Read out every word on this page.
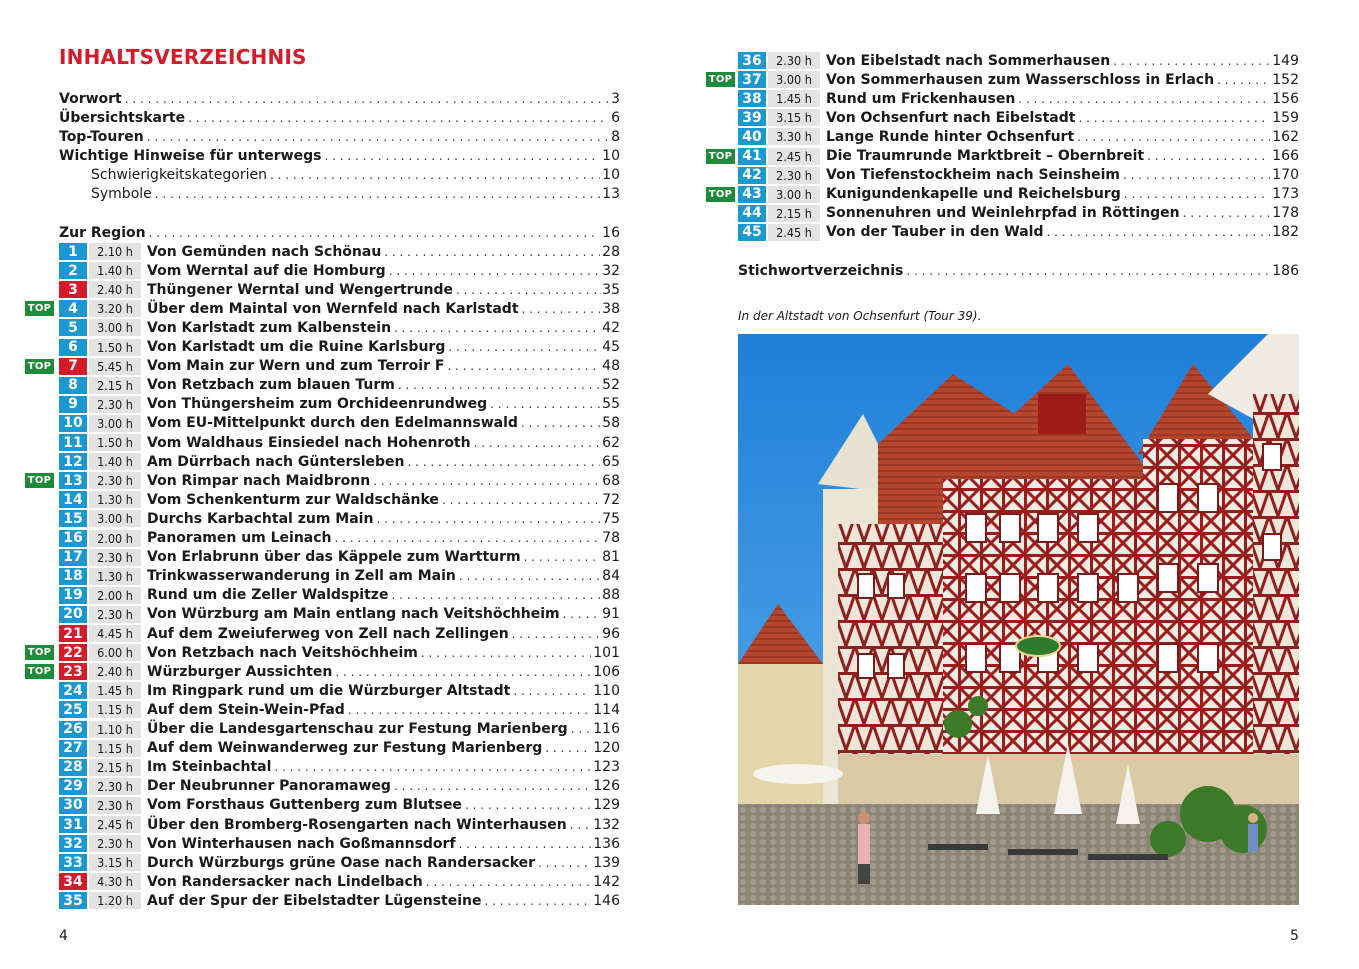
INHALTSVERZEICHNIS
Vorwort . . .	3
Übersichtskarte . . .	6
Top-Touren . . .	8
Wichtige Hinweise für unterwegs . . .	10
Schwierigkeitskategorien . . .	10
Symbole . . .	13
Zur Region . . .	16
1	2.10 h	Von Gemünden nach Schönau . . .	28
2	1.40 h	Vom Werntal auf die Homburg . . .	32
3	2.40 h	Thüngener Werntal und Wengertrunde . . .	35
4	3.20 h	Über dem Maintal von Wernfeld nach Karlstadt . . .	38
TOP
5	3.00 h	Von Karlstadt zum Kalbenstein . . .	42
6	1.50 h	Von Karlstadt um die Ruine Karlsburg . . .	45
7	5.45 h	Vom Main zur Wern und zum Terroir F . . .	48
TOP
8	2.15 h	Von Retzbach zum blauen Turm . . .	52
9	2.30 h	Von Thüngersheim zum Orchideenrundweg . . .	55
10	3.00 h	Vom EU-Mittelpunkt durch den Edelmannswald . . .	58
11	1.50 h	Vom Waldhaus Einsiedel nach Hohenroth . . .	62
12	1.40 h	Am Dürrbach nach Güntersleben . . .	65
13	2.30 h	Von Rimpar nach Maidbronn . . .	68
TOP
14	1.30 h	Vom Schenkenturm zur Waldschänke . . .	72
15	3.00 h	Durchs Karbachtal zum Main . . .	75
16	2.00 h	Panoramen um Leinach . . .	78
17	2.30 h	Von Erlabrunn über das Käppele zum Wartturm . . .	81
18	1.30 h	Trinkwasserwanderung in Zell am Main . . .	84
19	2.00 h	Rund um die Zeller Waldspitze . . .	88
20	2.30 h	Von Würzburg am Main entlang nach Veitshöchheim . . .	91
21	4.45 h	Auf dem Zweiuferweg von Zell nach Zellingen . . .	96
22	6.00 h	Von Retzbach nach Veitshöchheim . . .	101
TOP
23	2.40 h	Würzburger Aussichten . . .	106
TOP
24	1.45 h	Im Ringpark rund um die Würzburger Altstadt . . .	110
25	1.15 h	Auf dem Stein-Wein-Pfad . . .	114
26	1.10 h	Über die Landesgartenschau zur Festung Marienberg . . . 116
27	1.15 h	Auf dem Weinwanderweg zur Festung Marienberg . . .	120
28	2.15 h	Im Steinbachtal . . .	123
29	2.30 h	Der Neubrunner Panoramaweg . . .	126
30	2.30 h	Vom Forsthaus Guttenberg zum Blutsee . . .	129
31	2.45 h	Über den Bromberg-Rosengarten nach Winterhausen . . . 132
32	2.30 h	Von Winterhausen nach Goßmannsdorf . . .	136
33	3.15 h	Durch Würzburgs grüne Oase nach Randersacker . . .	139
34	4.30 h	Von Randersacker nach Lindelbach . . .	142
35	1.20 h	Auf der Spur der Eibelstadter Lügensteine . . .	146
36	2.30 h	Von Eibelstadt nach Sommerhausen . . .	149
37	3.00 h	Von Sommerhausen zum Wasserschloss in Erlach . . .	152
TOP
38	1.45 h	Rund um Frickenhausen . . .	156
39	3.15 h	Von Ochsenfurt nach Eibelstadt . . .	159
40	3.30 h	Lange Runde hinter Ochsenfurt . . .	162
41	2.45 h	Die Traumrunde Marktbreit – Obernbreit . . .	166
TOP
42	2.30 h	Von Tiefenstockheim nach Seinsheim . . .	170
43	3.00 h	Kunigundenkapelle und Reichelsburg . . .	173
TOP
44	2.15 h	Sonnenuhren und Weinlehrpfad in Röttingen . . .	178
45	2.45 h	Von der Tauber in den Wald . . .	182
Stichwortverzeichnis . . .	186
In der Altstadt von Ochsenfurt (Tour 39).
4	5
